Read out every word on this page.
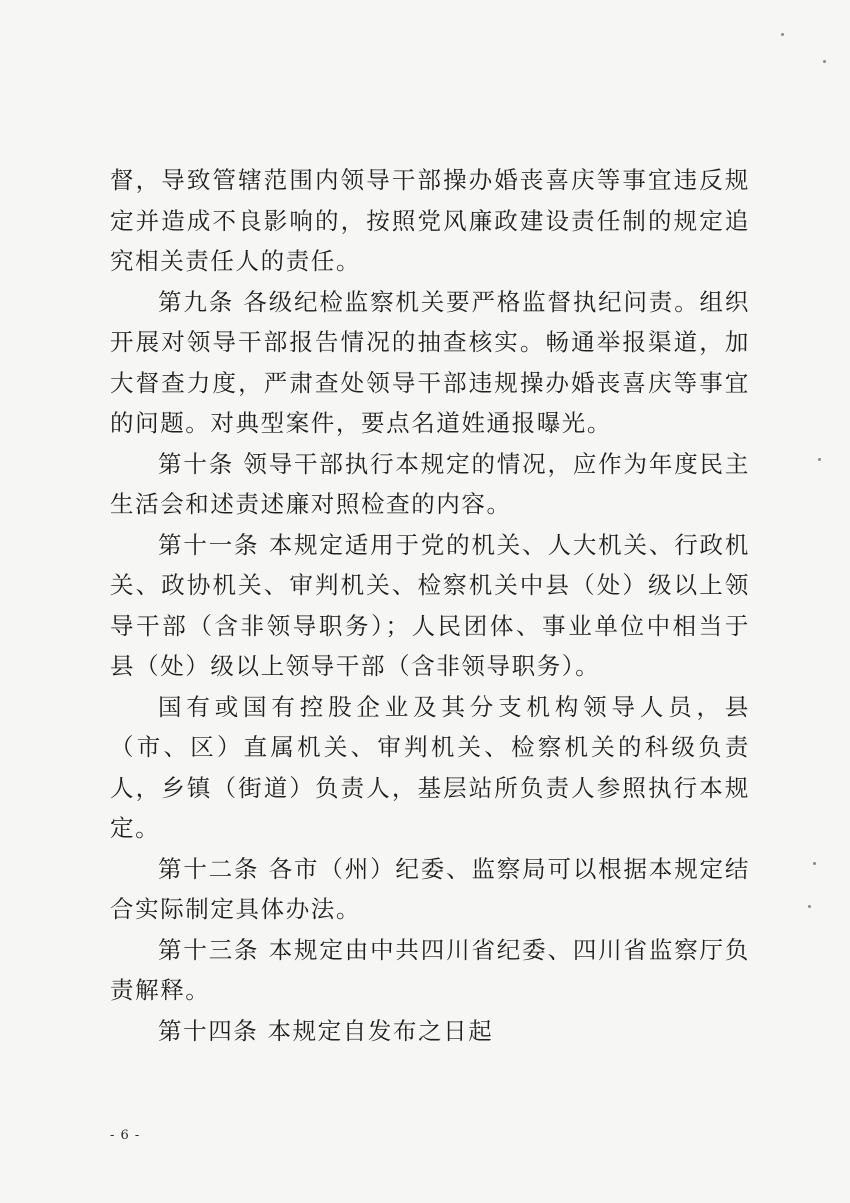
督，导致管辖范围内领导干部操办婚丧喜庆等事宜违反规定并造成不良影响的，按照党风廉政建设责任制的规定追究相关责任人的责任。

第九条 各级纪检监察机关要严格监督执纪问责。组织开展对领导干部报告情况的抽查核实。畅通举报渠道，加大督查力度，严肃查处领导干部违规操办婚丧喜庆等事宜的问题。对典型案件，要点名道姓通报曝光。

第十条 领导干部执行本规定的情况，应作为年度民主生活会和述责述廉对照检查的内容。

第十一条 本规定适用于党的机关、人大机关、行政机关、政协机关、审判机关、检察机关中县（处）级以上领导干部（含非领导职务）；人民团体、事业单位中相当于县（处）级以上领导干部（含非领导职务）。

国有或国有控股企业及其分支机构领导人员，县（市、区）直属机关、审判机关、检察机关的科级负责人，乡镇（街道）负责人，基层站所负责人参照执行本规定。

第十二条 各市（州）纪委、监察局可以根据本规定结合实际制定具体办法。

第十三条 本规定由中共四川省纪委、四川省监察厅负责解释。

第十四条 本规定自发布之日起

- 6 -
